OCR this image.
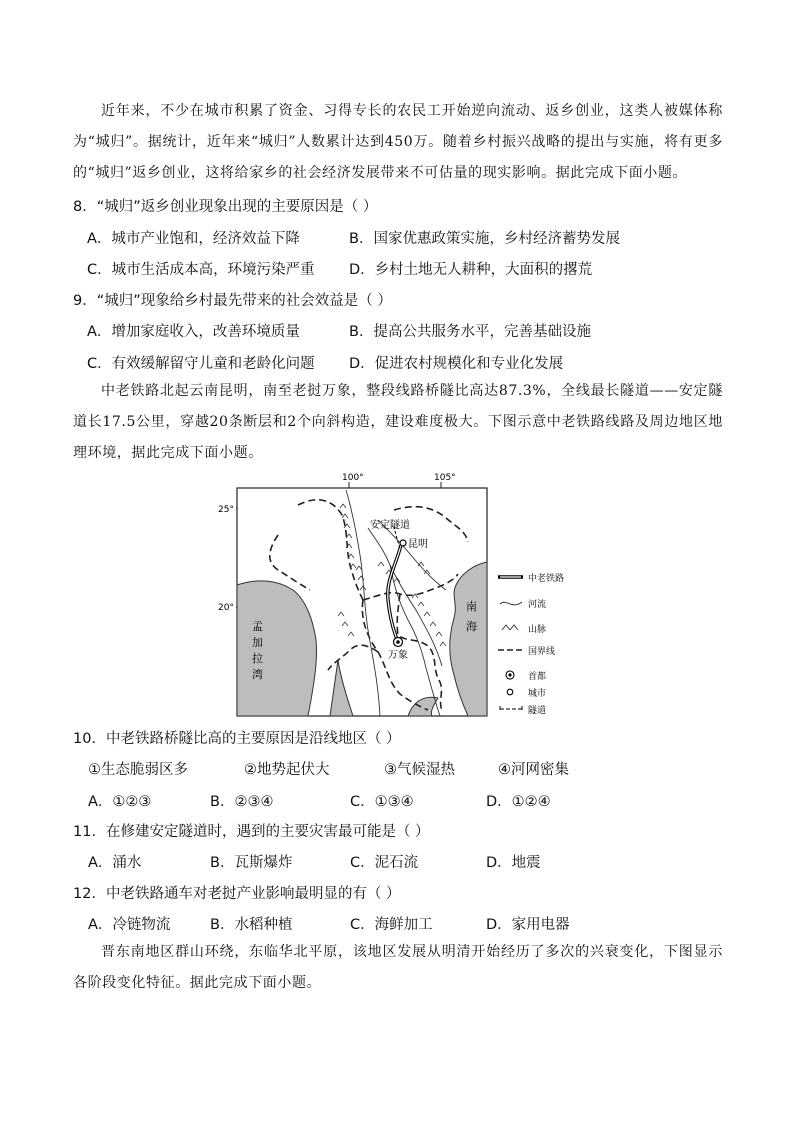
近年来，不少在城市积累了资金、习得专长的农民工开始逆向流动、返乡创业，这类人被媒体称为“城归”。据统计，近年来“城归”人数累计达到450万。随着乡村振兴战略的提出与实施，将有更多的“城归”返乡创业，这将给家乡的社会经济发展带来不可估量的现实影响。据此完成下面小题。

8．“城归”返乡创业现象出现的主要原因是（ ）

A．城市产业饱和，经济效益下降	B．国家优惠政策实施，乡村经济蓄势发展

C．城市生活成本高，环境污染严重 D．乡村土地无人耕种，大面积的撂荒

9．“城归”现象给乡村最先带来的社会效益是（ ）

A．增加家庭收入，改善环境质量	B．提高公共服务水平，完善基础设施

C．有效缓解留守儿童和老龄化问题 D．促进农村规模化和专业化发展

中老铁路北起云南昆明，南至老挝万象，整段线路桥隧比高达87.3%，全线最长隧道——安定隧道长17.5公里，穿越20条断层和2个向斜构造，建设难度极大。下图示意中老铁路线路及周边地区地理环境，据此完成下面小题。

100°	105°
25°
20°
昆明
安定隧道
万象
孟
加
拉
湾
南
海
中老铁路
河流
山脉
国界线
首都
城市
隧道

10．中老铁路桥隧比高的主要原因是沿线地区（ ）

①生态脆弱区多	②地势起伏大	③气候湿热	④河网密集

A．①②③	B．②③④	C．①③④	D．①②④

11．在修建安定隧道时，遇到的主要灾害最可能是（ ）

A．涌水	B．瓦斯爆炸	C．泥石流	D．地震

12．中老铁路通车对老挝产业影响最明显的有（ ）

A．冷链物流	B．水稻种植	C．海鲜加工	D．家用电器

晋东南地区群山环绕，东临华北平原，该地区发展从明清开始经历了多次的兴衰变化，下图显示各阶段变化特征。据此完成下面小题。
